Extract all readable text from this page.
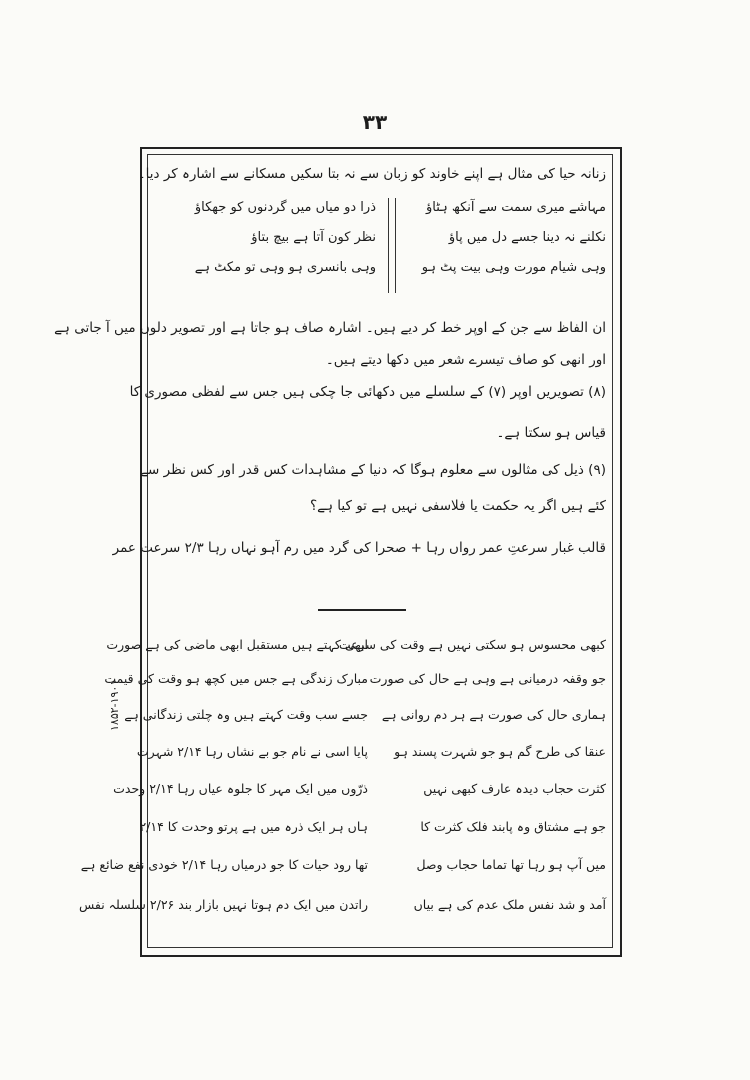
۳۳
زنانہ حیا کی مثال ہے اپنے خاوند کو زبان سے نہ بتا سکیں مسکانے سے اشارہ کر دیا۔
مہاشے میری سمت سے آنکھ ہٹاؤ
نکلنے نہ دینا جسے دل میں پاؤ
وہی شیام مورت وہی بیت پٹ ہو
ذرا دو میاں میں گردنوں کو جھکاؤ
نظر کون آتا ہے بیچ بتاؤ
وہی بانسری ہو وہی تو مکٹ ہے
ان الفاظ سے جن کے اوپر خط کر دیے ہیں۔ اشارہ صاف ہو جاتا ہے اور تصویر دلوں میں آ جاتی ہے
اور انھی کو صاف تیسرے شعر میں دکھا دیتے ہیں۔
(۸) تصویریں اوپر (۷) کے سلسلے میں دکھائی جا چکی ہیں جس سے لفظی مصوری کا
قیاس ہو سکتا ہے۔
(۹) ذیل کی مثالوں سے معلوم ہوگا کہ دنیا کے مشاہدات کس قدر اور کس نظر سے
کئے ہیں اگر یہ حکمت یا فلاسفی نہیں ہے تو کیا ہے؟
قالب غبار سرعتِ عمر رواں رہا + صحرا کی گرد میں رم آہو نہاں رہا ۲/۳ سرعت عمر
کبھی محسوس ہو سکتی نہیں ہے وقت کی سرعت
ابھی کہتے ہیں مستقبل ابھی ماضی کی ہے صورت
جو وقفہ درمیانی ہے وہی ہے حال کی صورت
مبارک زندگی ہے جس میں کچھ ہو وقت کی قیمت
ہماری حال کی صورت ہے ہر دم روانی ہے
جسے سب وقت کہتے ہیں وہ چلتی زندگانی ہے
عنقا کی طرح گم ہو جو شہرت پسند ہو
پایا اسی نے نام جو بے نشاں رہا ۲/۱۴ شہرت
کثرت حجاب دیدہ عارف کبھی نہیں
ذرّوں میں ایک مہر کا جلوہ عیاں رہا ۲/۱۴ وحدت
جو ہے مشتاق وہ پابند فلک کثرت کا
ہاں ہر ایک ذرہ میں ہے پرتو وحدت کا ۲/۱۴
میں آپ ہو رہا تھا تماما حجاب وصل
تھا رود حیات کا جو درمیاں رہا ۲/۱۴ خودی نفع ضائع ہے
آمد و شد نفس ملک عدم کی ہے بیاں
راتدن میں ایک دم ہوتا نہیں بازار بند ۲/۲۶ سلسلہ نفس
۱۸۵۲-۱۹۰۱
